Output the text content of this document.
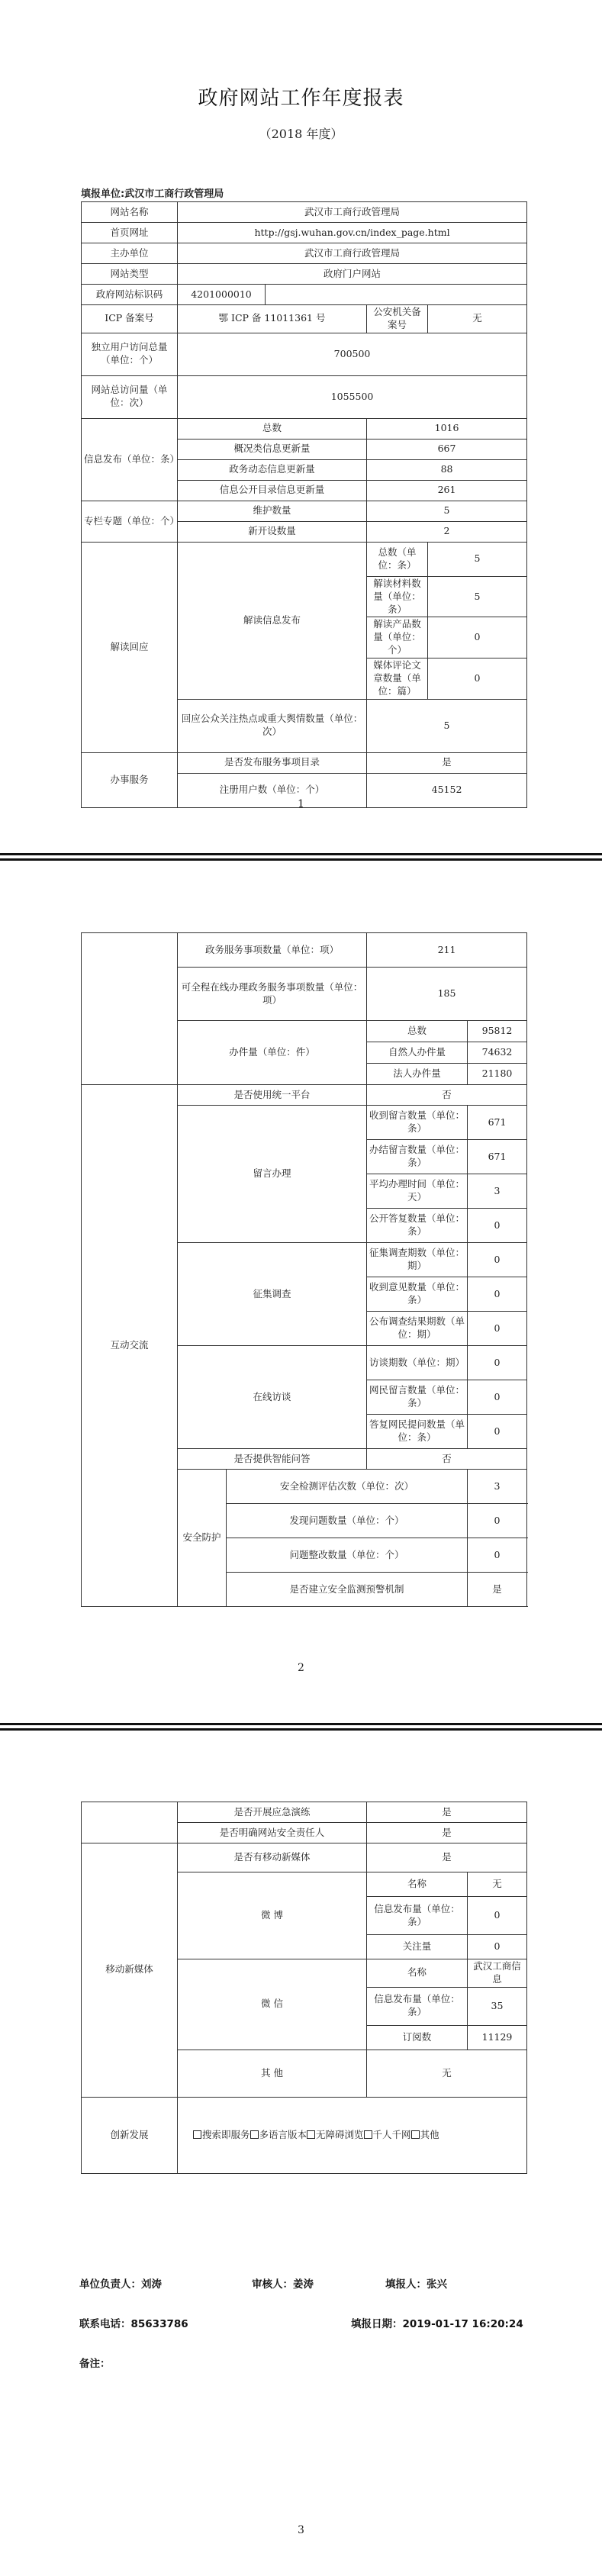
政府网站工作年度报表
（2018 年度）
填报单位:武汉市工商行政管理局
网站名称	武汉市工商行政管理局			
首页网址	http://gsj.wuhan.gov.cn/index_page.html			
主办单位	武汉市工商行政管理局			
网站类型	政府门户网站			
政府网站标识码	4201000010			
ICP 备案号	鄂 ICP 备 11011361 号		公安机关备案号	无
独立用户访问总量（单位：个）	700500			
网站总访问量（单位：次）	1055500			
信息发布（单位：条）	总数		1016	
	概况类信息更新量		667	
	政务动态信息更新量		88	
	信息公开目录信息更新量		261	
专栏专题（单位：个）	维护数量		5	
	新开设数量		2	
解读回应	解读信息发布		总数（单位：条）	5
			解读材料数量（单位：条）	5
			解读产品数量（单位：个）	0
			媒体评论文章数量（单位：篇）	0
	回应公众关注热点或重大舆情数量（单位：次）		5	
办事服务	是否发布服务事项目录		是	
	注册用户数（单位：个）		45152	
1
	政务服务事项数量（单位：项）		211	
	可全程在线办理政务服务事项数量（单位：项）		185	
	办件量（单位：件）		总数	95812
			自然人办件量	74632
			法人办件量	21180
互动交流	是否使用统一平台		否	
	留言办理		收到留言数量（单位：条）	671
			办结留言数量（单位：条）	671
			平均办理时间（单位：天）	3
			公开答复数量（单位：条）	0
	征集调查		征集调查期数（单位：期）	0
			收到意见数量（单位：条）	0
			公布调查结果期数（单位：期）	0
	在线访谈		访谈期数（单位：期）	0
			网民留言数量（单位：条）	0
			答复网民提问数量（单位：条）	0
	是否提供智能问答		否	
	安全防护	安全检测评估次数（单位：次）		3
		发现问题数量（单位：个）		0
		问题整改数量（单位：个）		0
		是否建立安全监测预警机制		是
2
	是否开展应急演练	是	
	是否明确网站安全责任人	是	
移动新媒体	是否有移动新媒体	是	
	微 博	名称	无
		信息发布量（单位：条）	0
		关注量	0
	微 信	名称	武汉工商信息
		信息发布量（单位：条）	35
		订阅数	11129
	其 他	无	
创新发展	搜索即服务 多语言版本 无障碍浏览 千人千网 其他		
单位负责人：刘涛	审核人：姜涛	填报人：张兴
联系电话：85633786	填报日期：2019-01-17 16:20:24
备注：
3
